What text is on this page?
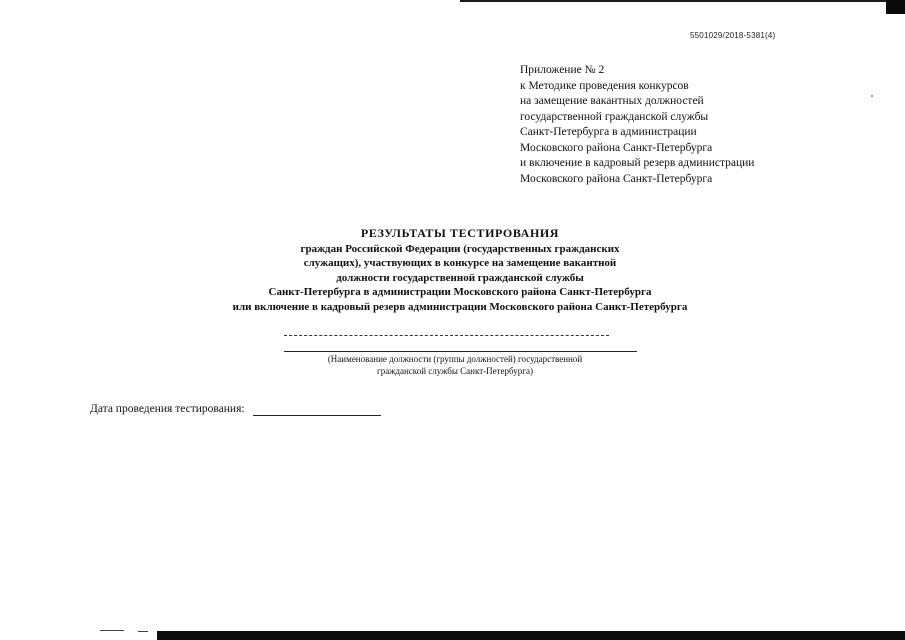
5501029/2018-5381(4)
Приложение № 2
к Методике проведения конкурсов
на замещение вакантных должностей
государственной гражданской службы
Санкт-Петербурга в администрации
Московского района Санкт-Петербурга
и включение в кадровый резерв администрации
Московского района Санкт-Петербурга
РЕЗУЛЬТАТЫ ТЕСТИРОВАНИЯ
граждан Российской Федерации (государственных гражданских
служащих), участвующих в конкурсе на замещение вакантной
должности государственной гражданской службы
Санкт-Петербурга в администрации Московского района Санкт-Петербурга
или включение в кадровый резерв администрации Московского района Санкт-Петербурга
(Наименование должности (группы должностей) государственной
гражданской службы Санкт-Петербурга)
Дата проведения тестирования:
